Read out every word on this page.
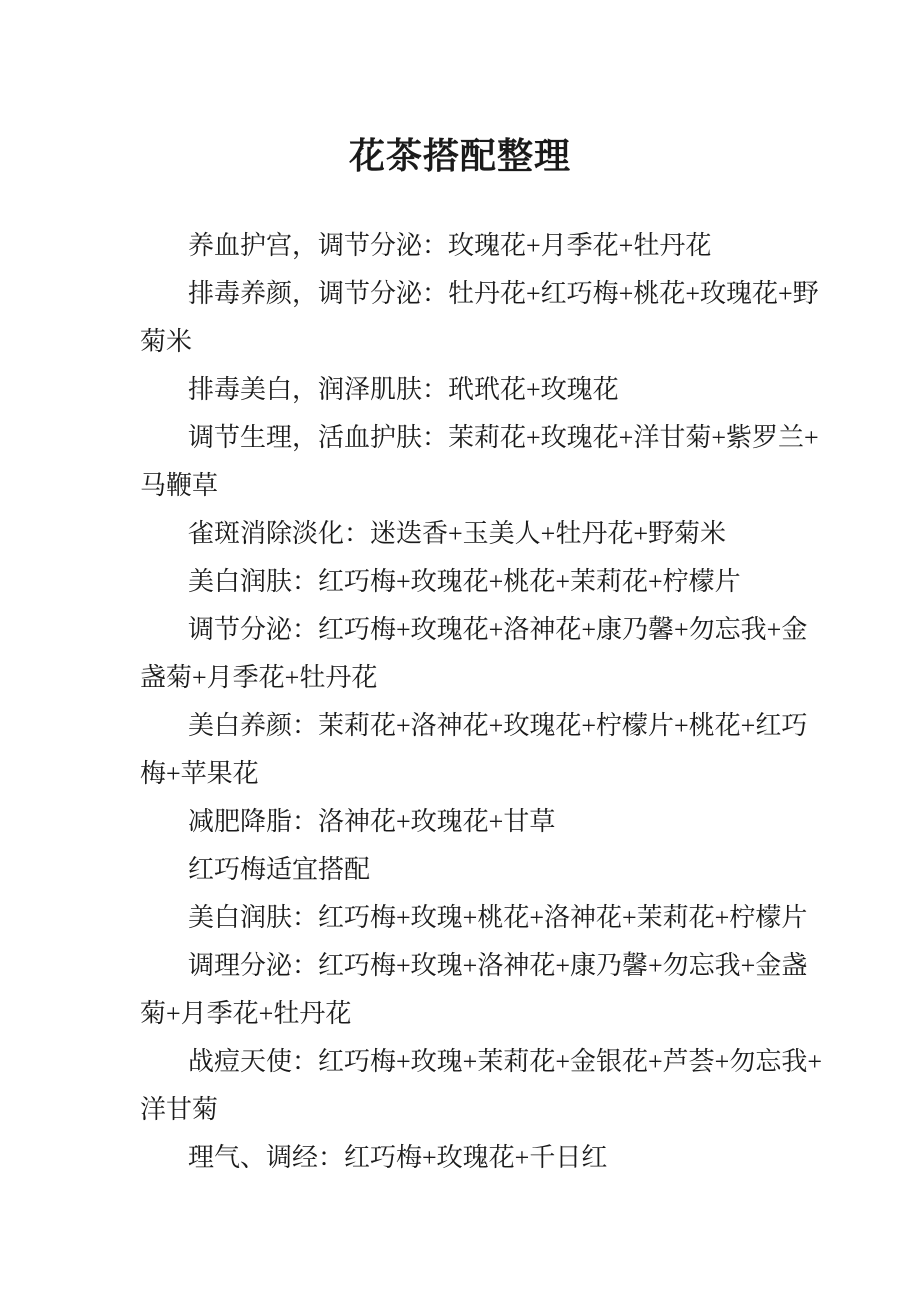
花茶搭配整理
养血护宫，调节分泌：玫瑰花+月季花+牡丹花
排毒养颜，调节分泌：牡丹花+红巧梅+桃花+玫瑰花+野
菊米
排毒美白，润泽肌肤：玳玳花+玫瑰花
调节生理，活血护肤：茉莉花+玫瑰花+洋甘菊+紫罗兰+
马鞭草
雀斑消除淡化：迷迭香+玉美人+牡丹花+野菊米
美白润肤：红巧梅+玫瑰花+桃花+茉莉花+柠檬片
调节分泌：红巧梅+玫瑰花+洛神花+康乃馨+勿忘我+金
盏菊+月季花+牡丹花
美白养颜：茉莉花+洛神花+玫瑰花+柠檬片+桃花+红巧
梅+苹果花
减肥降脂：洛神花+玫瑰花+甘草
红巧梅适宜搭配
美白润肤：红巧梅+玫瑰+桃花+洛神花+茉莉花+柠檬片
调理分泌：红巧梅+玫瑰+洛神花+康乃馨+勿忘我+金盏
菊+月季花+牡丹花
战痘天使：红巧梅+玫瑰+茉莉花+金银花+芦荟+勿忘我+
洋甘菊
理气、调经：红巧梅+玫瑰花+千日红
